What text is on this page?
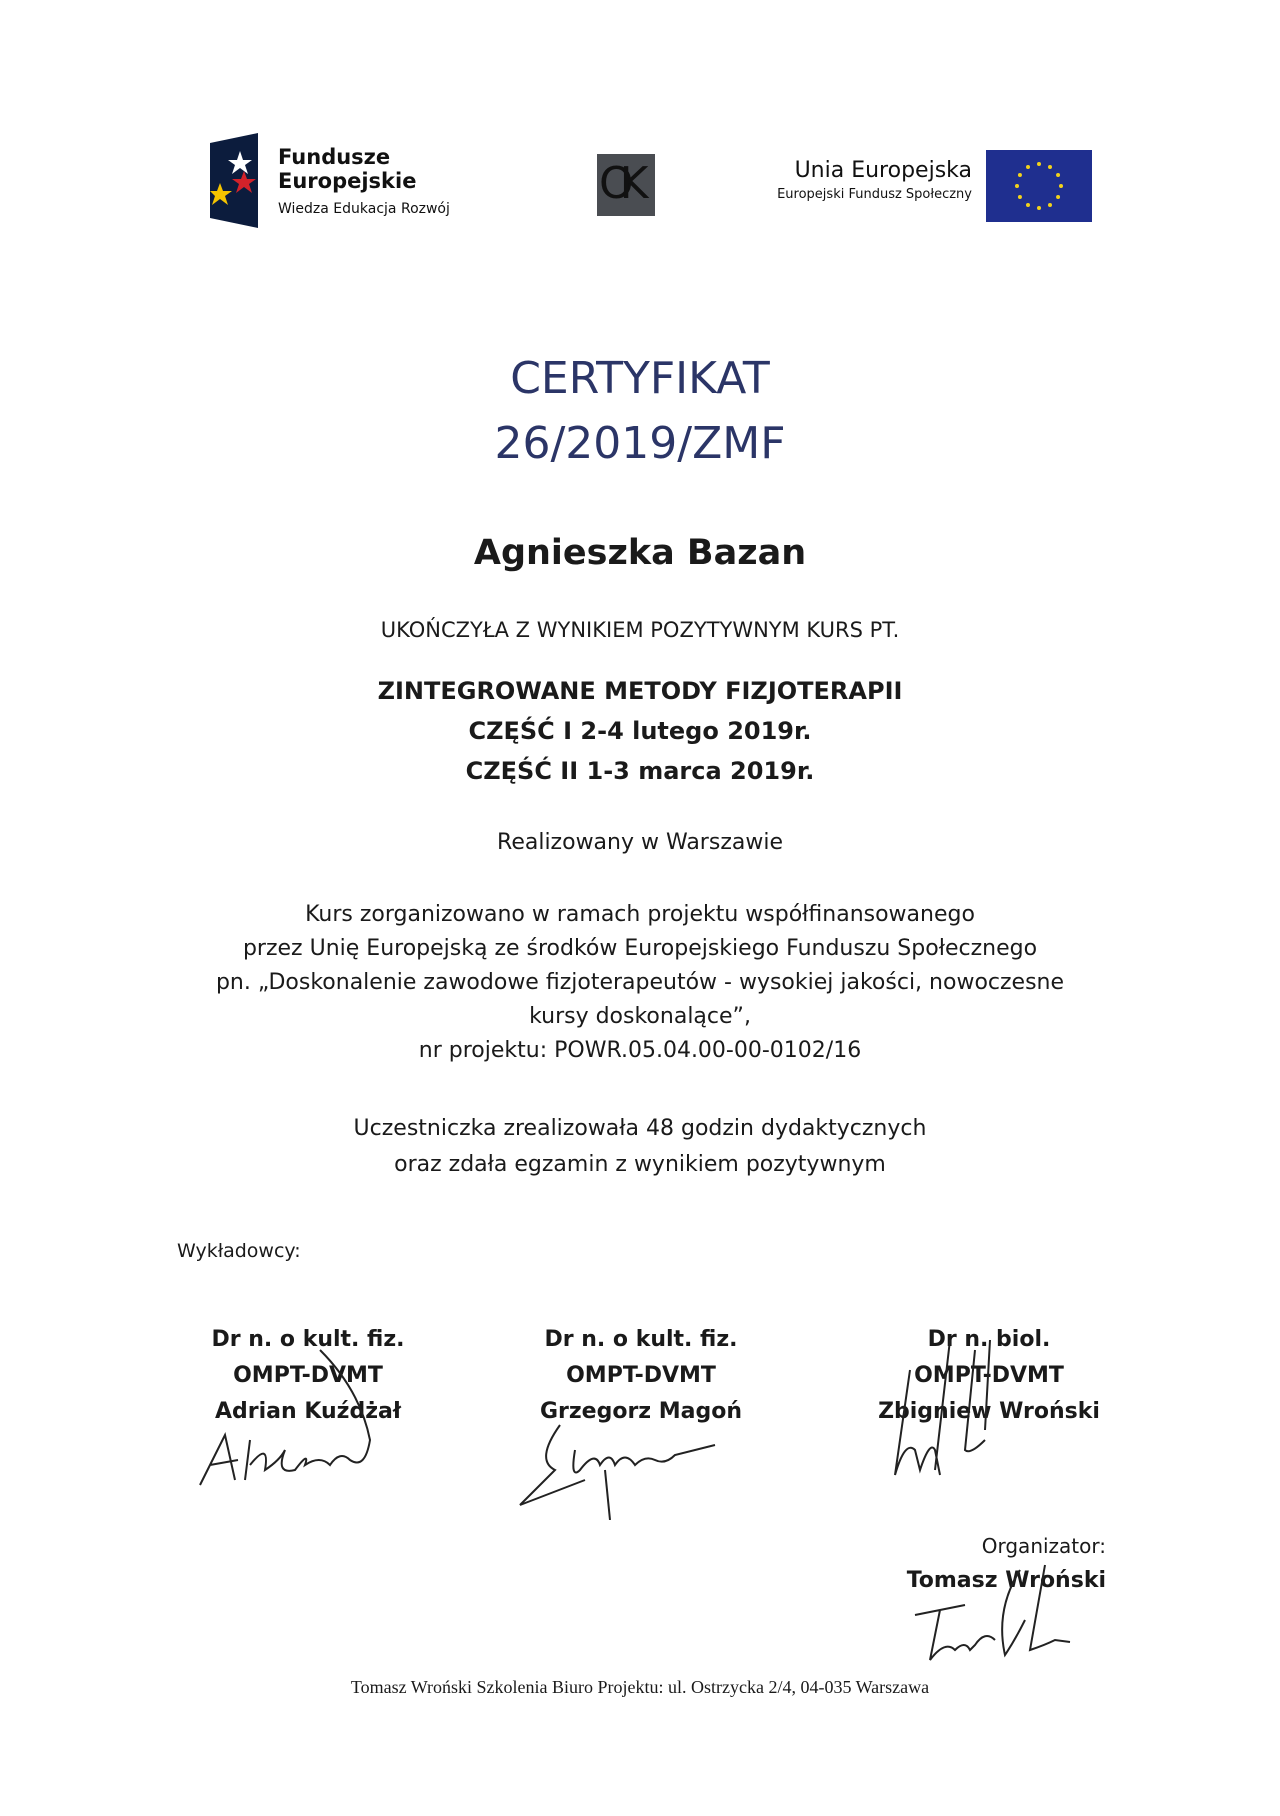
Fundusze
Europejskie
Wiedza Edukacja Rozwój	OK	Unia Europejska
Europejski Fundusz Społeczny
CERTYFIKAT
26/2019/ZMF
Agnieszka Bazan
UKOŃCZYŁA Z WYNIKIEM POZYTYWNYM KURS PT.
ZINTEGROWANE METODY FIZJOTERAPII
CZĘŚĆ I 2-4 lutego 2019r.
CZĘŚĆ II 1-3 marca 2019r.
Realizowany w Warszawie
Kurs zorganizowano w ramach projektu współfinansowanego
przez Unię Europejską ze środków Europejskiego Funduszu Społecznego
pn. „Doskonalenie zawodowe fizjoterapeutów - wysokiej jakości, nowoczesne
kursy doskonalące”,
nr projektu: POWR.05.04.00-00-0102/16
Uczestniczka zrealizowała 48 godzin dydaktycznych
oraz zdała egzamin z wynikiem pozytywnym
Wykładowcy:
Dr n. o kult. fiz.
OMPT-DVMT
Adrian Kuźdżał
Dr n. o kult. fiz.
OMPT-DVMT
Grzegorz Magoń
Dr n. biol.
OMPT-DVMT
Zbigniew Wroński
Organizator:
Tomasz Wroński
Tomasz Wroński Szkolenia Biuro Projektu: ul. Ostrzycka 2/4, 04-035 Warszawa
